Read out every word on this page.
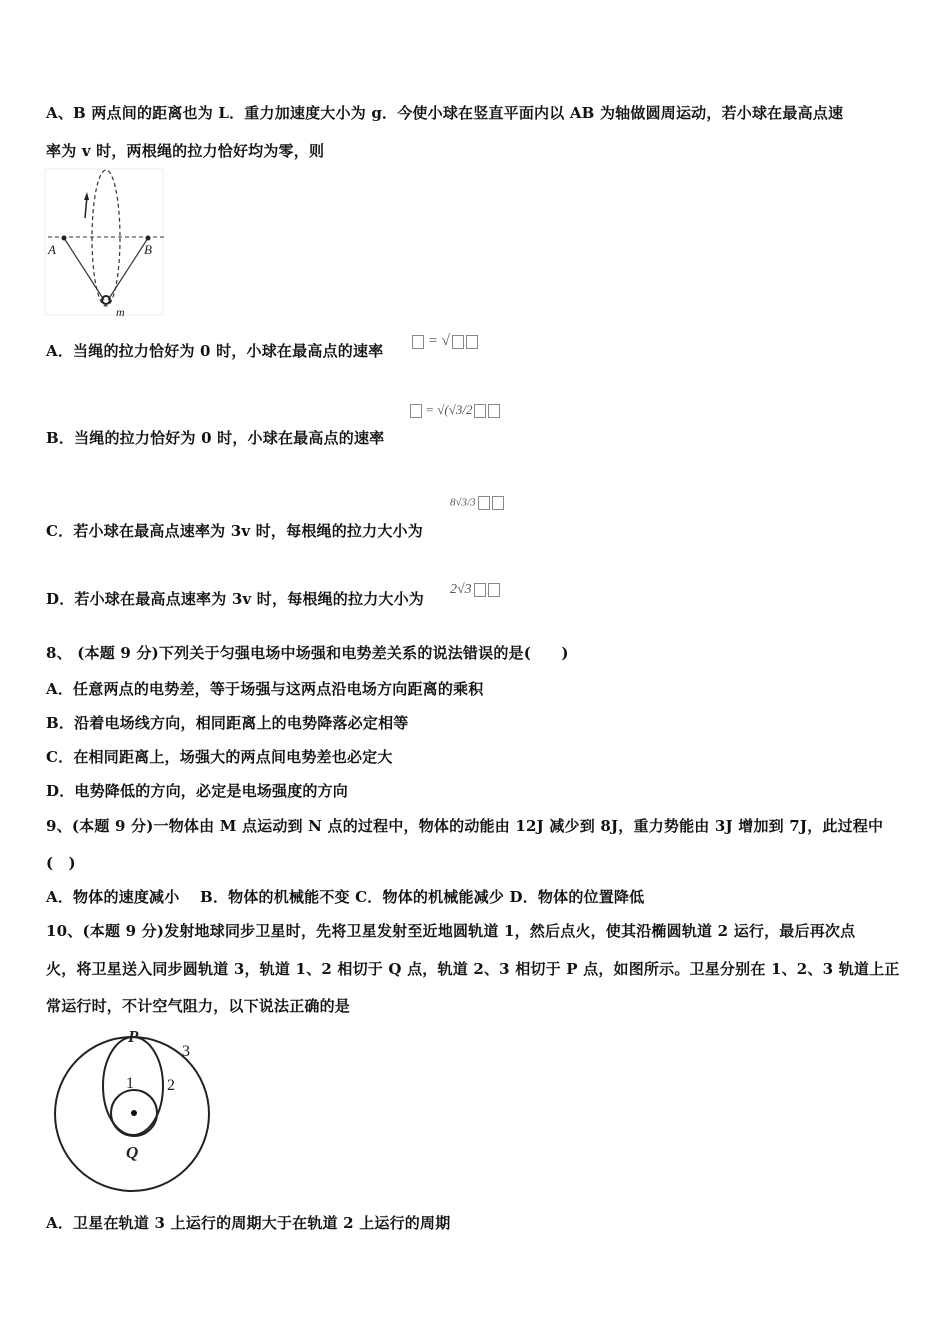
A、B 两点间的距离也为 L．重力加速度大小为 g．今使小球在竖直平面内以 AB 为轴做圆周运动，若小球在最高点速
率为 v 时，两根绳的拉力恰好均为零，则
A	B
m
A．当绳的拉力恰好为 0 时，小球在最高点的速率
= √
B．当绳的拉力恰好为 0 时，小球在最高点的速率
= √(√3/2
C．若小球在最高点速率为 3v 时，每根绳的拉力大小为
8√3/3
D．若小球在最高点速率为 3v 时，每根绳的拉力大小为
2√3
8、 (本题 9 分)下列关于匀强电场中场强和电势差关系的说法错误的是(　　)
A．任意两点的电势差，等于场强与这两点沿电场方向距离的乘积
B．沿着电场线方向，相同距离上的电势降落必定相等
C．在相同距离上，场强大的两点间电势差也必定大
D．电势降低的方向，必定是电场强度的方向
9、(本题 9 分)一物体由 M 点运动到 N 点的过程中，物体的动能由 12J 减少到 8J，重力势能由 3J 增加到 7J，此过程中
(　)
A．物体的速度减小　 B．物体的机械能不变 C．物体的机械能减少 D．物体的位置降低
10、(本题 9 分)发射地球同步卫星时，先将卫星发射至近地圆轨道 1，然后点火，使其沿椭圆轨道 2 运行，最后再次点
火，将卫星送入同步圆轨道 3，轨道 1、2 相切于 Q 点，轨道 2、3 相切于 P 点，如图所示。卫星分别在 1、2、3 轨道上正
常运行时，不计空气阻力，以下说法正确的是
P
Q
1 2
3
A．卫星在轨道 3 上运行的周期大于在轨道 2 上运行的周期
